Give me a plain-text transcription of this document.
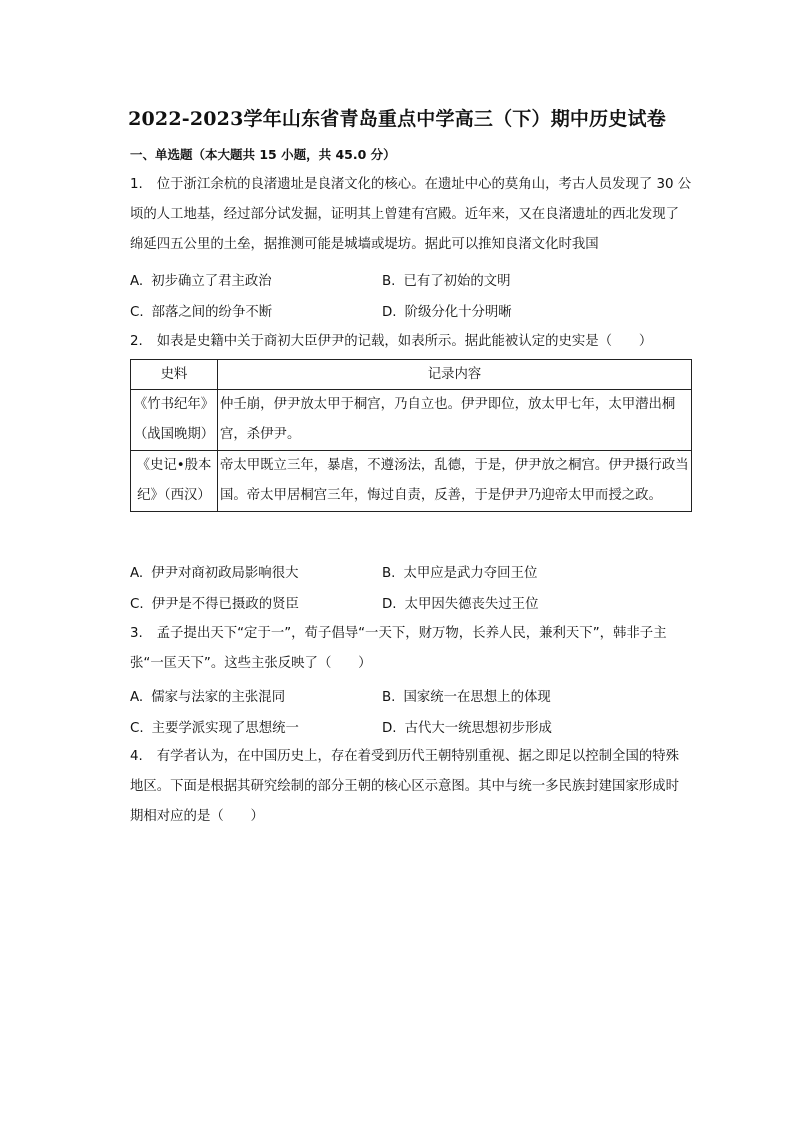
2022-2023学年山东省青岛重点中学高三（下）期中历史试卷
一、单选题（本大题共 15 小题，共 45.0 分）
1. 位于浙江余杭的良渚遗址是良渚文化的核心。在遗址中心的莫角山，考古人员发现了 30 公顷的人工地基，经过部分试发掘，证明其上曾建有宫殿。近年来，又在良渚遗址的西北发现了绵延四五公里的土垒，据推测可能是城墙或堤坊。据此可以推知良渚文化时我国
A. 初步确立了君主政治	B. 已有了初始的文明
C. 部落之间的纷争不断	D. 阶级分化十分明晰
2. 如表是史籍中关于商初大臣伊尹的记载，如表所示。据此能被认定的史实是（　　）
史料	记录内容
《竹书纪年》（战国晚期）	仲壬崩，伊尹放太甲于桐宫，乃自立也。伊尹即位，放太甲七年，太甲潜出桐宫，杀伊尹。
《史记•殷本纪》（西汉）	帝太甲既立三年，暴虐，不遵汤法，乱德，于是，伊尹放之桐宫。伊尹摄行政当国。帝太甲居桐宫三年，悔过自责，反善，于是伊尹乃迎帝太甲而授之政。
A. 伊尹对商初政局影响很大	B. 太甲应是武力夺回王位
C. 伊尹是不得已摄政的贤臣	D. 太甲因失德丧失过王位
3. 孟子提出天下“定于一”，荀子倡导“一天下，财万物，长养人民，兼利天下”，韩非子主张“一匡天下”。这些主张反映了（　　）
A. 儒家与法家的主张混同	B. 国家统一在思想上的体现
C. 主要学派实现了思想统一	D. 古代大一统思想初步形成
4. 有学者认为，在中国历史上，存在着受到历代王朝特别重视、据之即足以控制全国的特殊地区。下面是根据其研究绘制的部分王朝的核心区示意图。其中与统一多民族封建国家形成时期相对应的是（　　）
